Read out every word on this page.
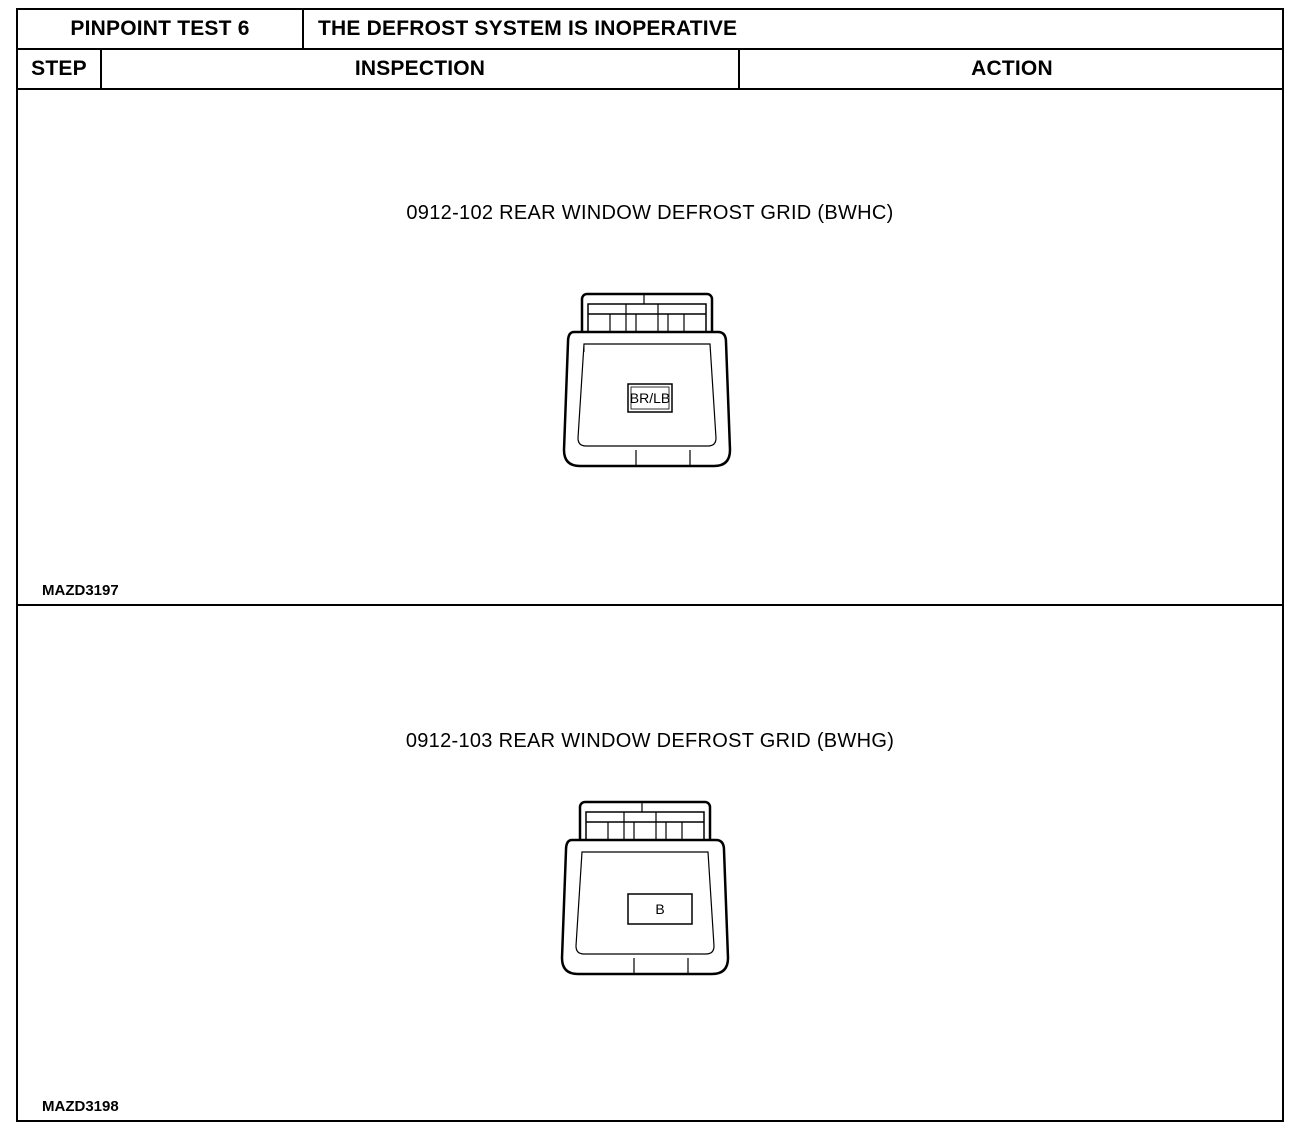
PINPOINT TEST 6	THE DEFROST SYSTEM IS INOPERATIVE
STEP	INSPECTION	ACTION
0912-102 REAR WINDOW DEFROST GRID (BWHC)
BR/LB
MAZD3197
0912-103 REAR WINDOW DEFROST GRID (BWHG)
B
MAZD3198
